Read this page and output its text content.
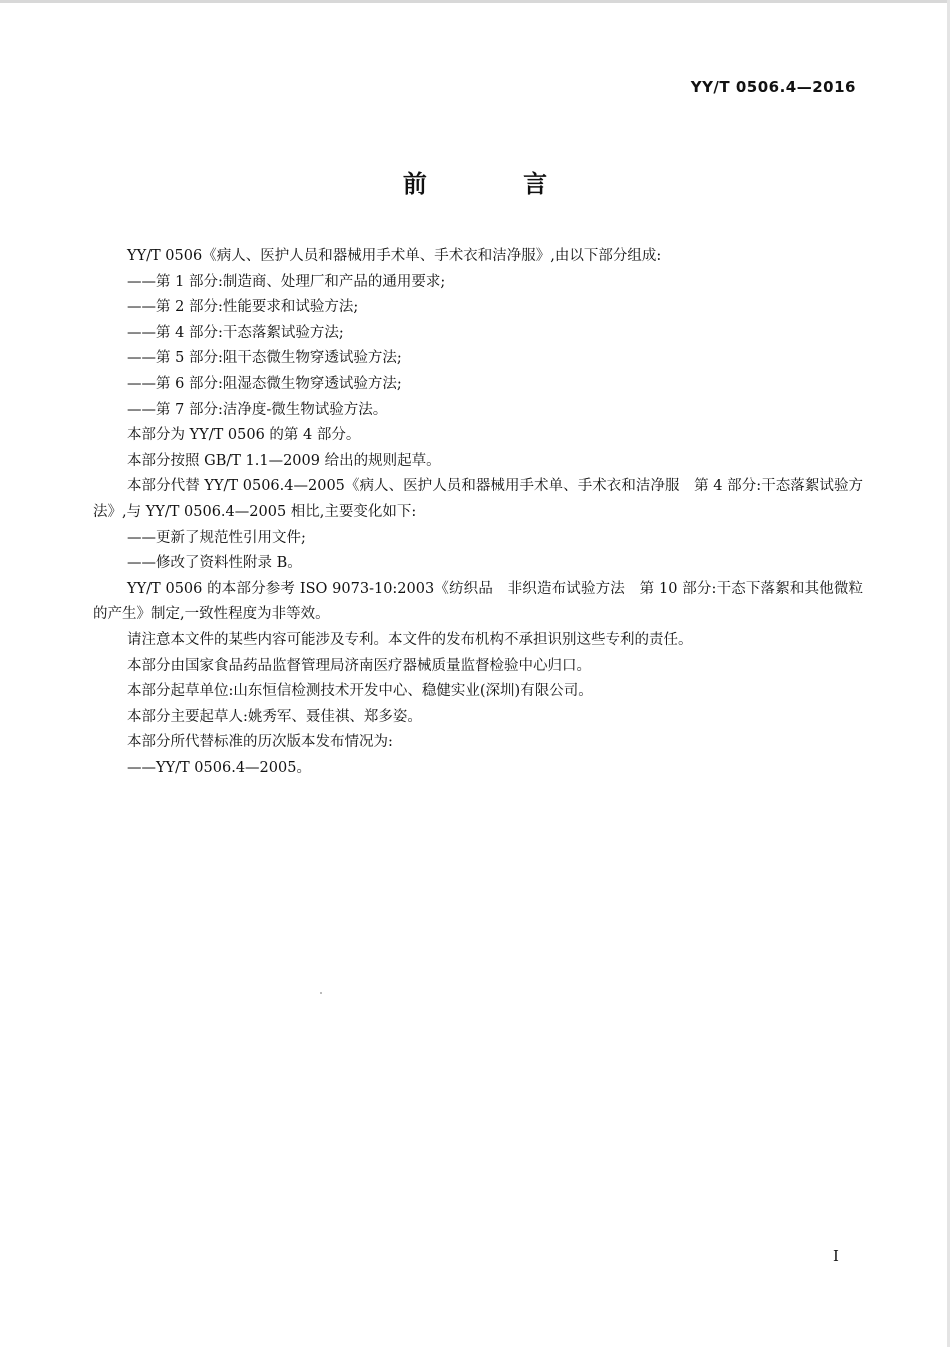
YY/T 0506.4—2016
前 言
YY/T 0506《病人、医护人员和器械用手术单、手术衣和洁净服》,由以下部分组成:
——第 1 部分:制造商、处理厂和产品的通用要求;
——第 2 部分:性能要求和试验方法;
——第 4 部分:干态落絮试验方法;
——第 5 部分:阻干态微生物穿透试验方法;
——第 6 部分:阻湿态微生物穿透试验方法;
——第 7 部分:洁净度-微生物试验方法。
本部分为 YY/T 0506 的第 4 部分。
本部分按照 GB/T 1.1—2009 给出的规则起草。
本部分代替 YY/T 0506.4—2005《病人、医护人员和器械用手术单、手术衣和洁净服　第 4 部分:干态落絮试验方法》,与 YY/T 0506.4—2005 相比,主要变化如下:
——更新了规范性引用文件;
——修改了资料性附录 B。
YY/T 0506 的本部分参考 ISO 9073-10:2003《纺织品　非织造布试验方法　第 10 部分:干态下落絮和其他微粒的产生》制定,一致性程度为非等效。
请注意本文件的某些内容可能涉及专利。本文件的发布机构不承担识别这些专利的责任。
本部分由国家食品药品监督管理局济南医疗器械质量监督检验中心归口。
本部分起草单位:山东恒信检测技术开发中心、稳健实业(深圳)有限公司。
本部分主要起草人:姚秀军、聂佳祺、郑多姿。
本部分所代替标准的历次版本发布情况为:
——YY/T 0506.4—2005。
I
